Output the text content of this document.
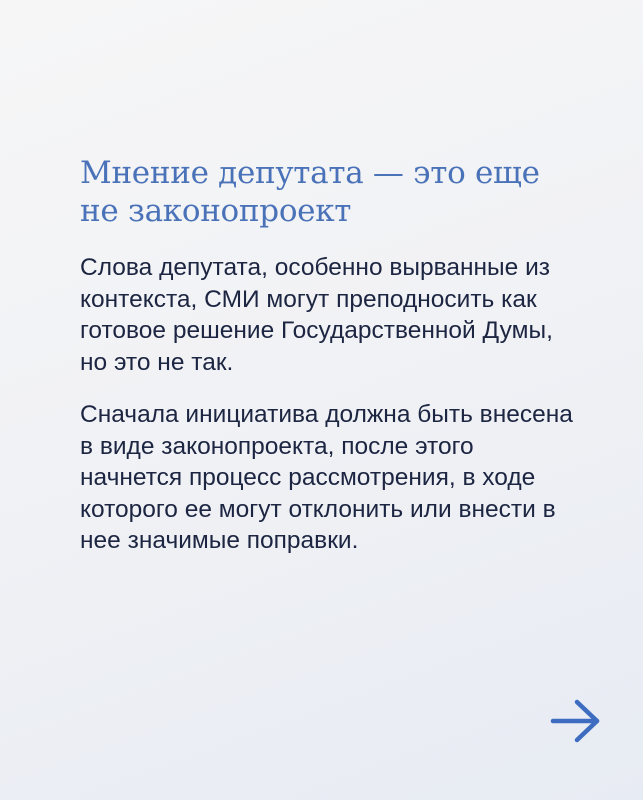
Мнение депутата — это еще не законопроект

Слова депутата, особенно вырванные из контекста, СМИ могут преподносить как готовое решение Государственной Думы, но это не так.

Сначала инициатива должна быть внесена в виде законопроекта, после этого начнется процесс рассмотрения, в ходе которого ее могут отклонить или внести в нее значимые поправки.
